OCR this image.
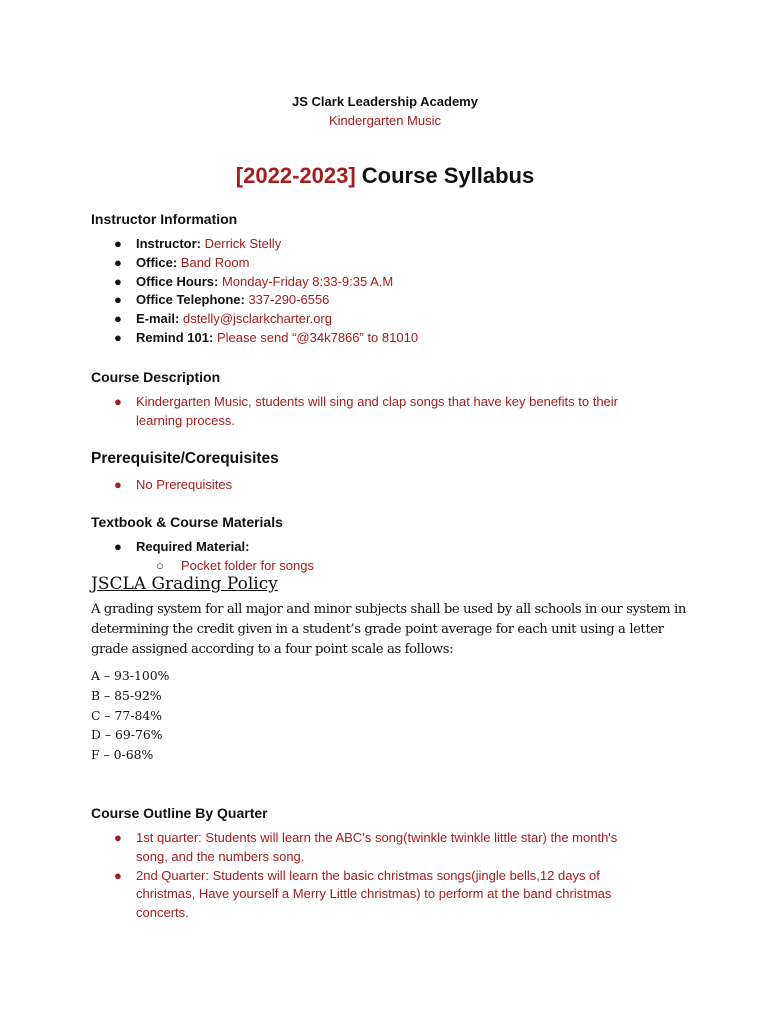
JS Clark Leadership Academy
Kindergarten Music
[2022-2023] Course Syllabus
Instructor Information
● Instructor: Derrick Stelly
● Office: Band Room
● Office Hours: Monday-Friday 8:33-9:35 A.M
● Office Telephone: 337-290-6556
● E-mail: dstelly@jsclarkcharter.org
● Remind 101: Please send “@34k7866” to 81010
Course Description
● Kindergarten Music, students will sing and clap songs that have key benefits to their
learning process.
Prerequisite/Corequisites
● No Prerequisites
Textbook & Course Materials
● Required Material:
○ Pocket folder for songs
JSCLA Grading Policy
A grading system for all major and minor subjects shall be used by all schools in our system in
determining the credit given in a student’s grade point average for each unit using a letter
grade assigned according to a four point scale as follows:
A – 93-100%
B – 85-92%
C – 77-84%
D – 69-76%
F – 0-68%
Course Outline By Quarter
● 1st quarter: Students will learn the ABC’s song(twinkle twinkle little star) the month's
song, and the numbers song.
● 2nd Quarter: Students will learn the basic christmas songs(jingle bells,12 days of
christmas, Have yourself a Merry Little christmas) to perform at the band christmas
concerts.
